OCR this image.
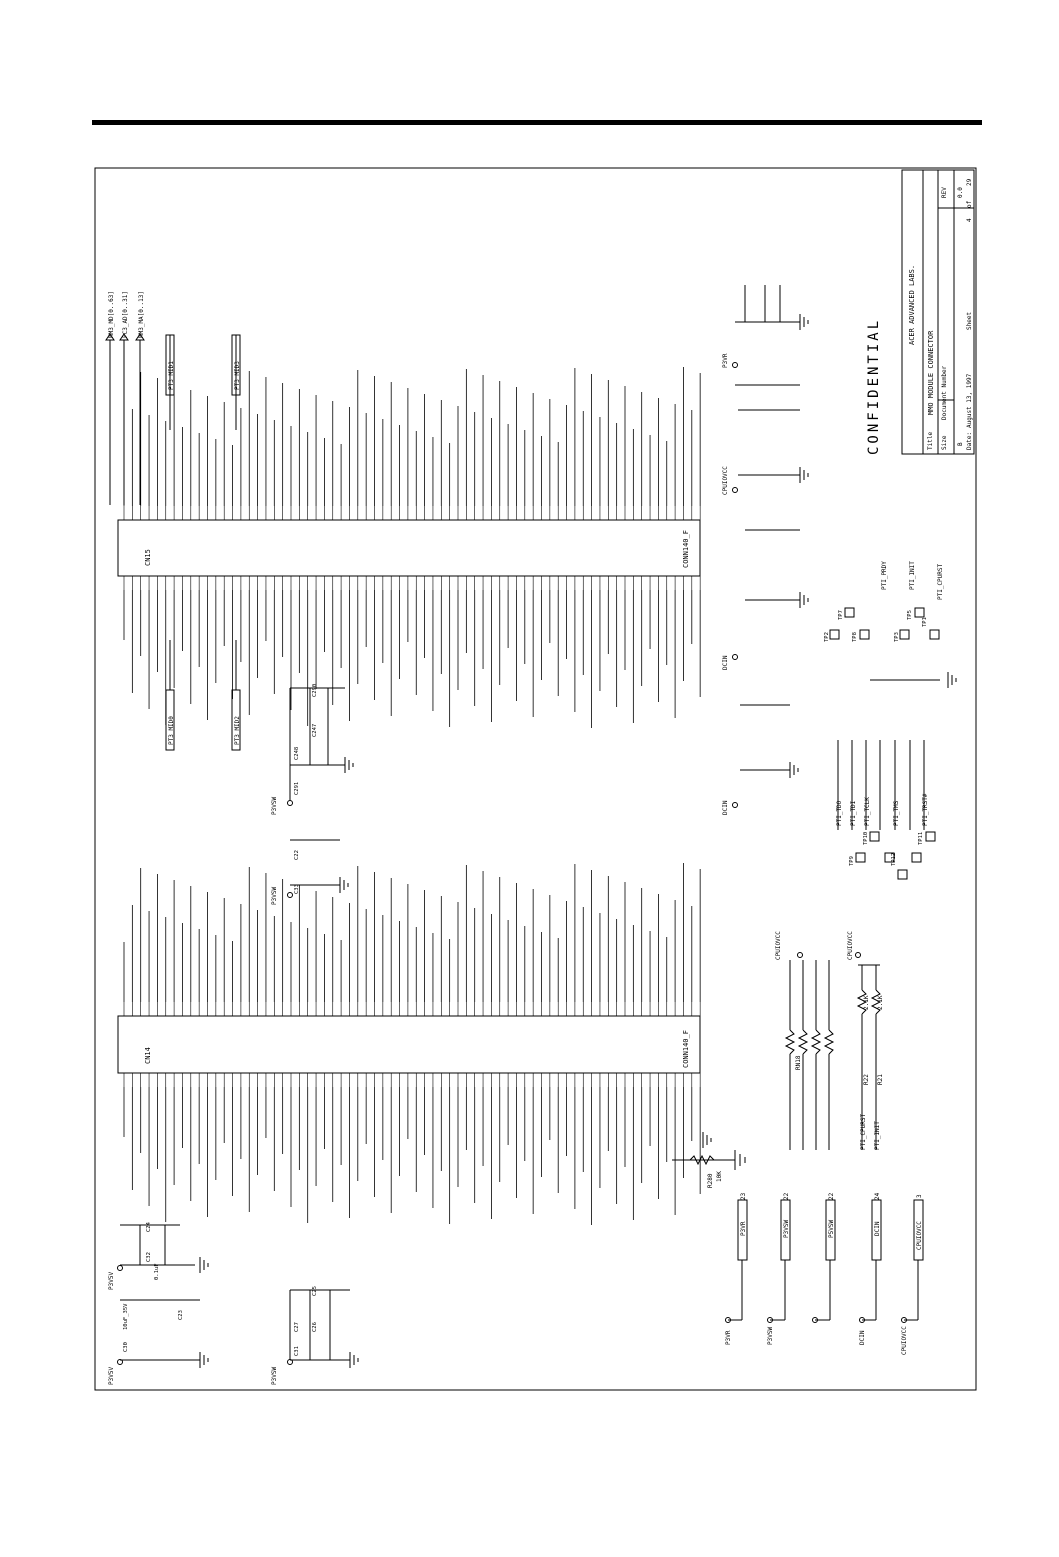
ACER ADVANCED LABS.
Title
MMO MODULE CONNECTOR
Size B
Document Number
REV 0.0
Date:
August 13, 1997
Sheet
4
of
29
CONFIDENTIAL
CN15	CONN140_F
CN14	CONN140_F
MM3_MD[0..63] PC3_AD[0..31] MM3_MA[0..13]
PT3_MID1	PT3_MID3
PT3_MID0	PT3_MID2
TP1
TP2	TP3
TP5
TP7
TP8
TP9
TP10	TP11
TP12
PTI_TDO PTI_TDI PTI_TCLK	PTI_TMS	PTI_TRST#
PTI_PRDY	PTI_INIT	PTI_CPURST
C290
C247
C248
C291
C22
C33
P3VSW
P3VSW
C24
C32
C23
C30
C25
C26
C27
C31
10uF_35V
0.1uF
P3V5V
P3V5V	P3VSW
P3VR
23
P3VSW
22
P5VSW
22
DCIN
24
CPUIOVCC
3
P3VR	P3VSW	DCIN	CPUIOVCC
RN18
R22 R21
2.1K 2.1K
PTI_CPURST PTI_INIT
CPUIOVCC	CPUIOVCC
R280 10K
DCIN
DCIN
CPUIOVCC
P3VR
